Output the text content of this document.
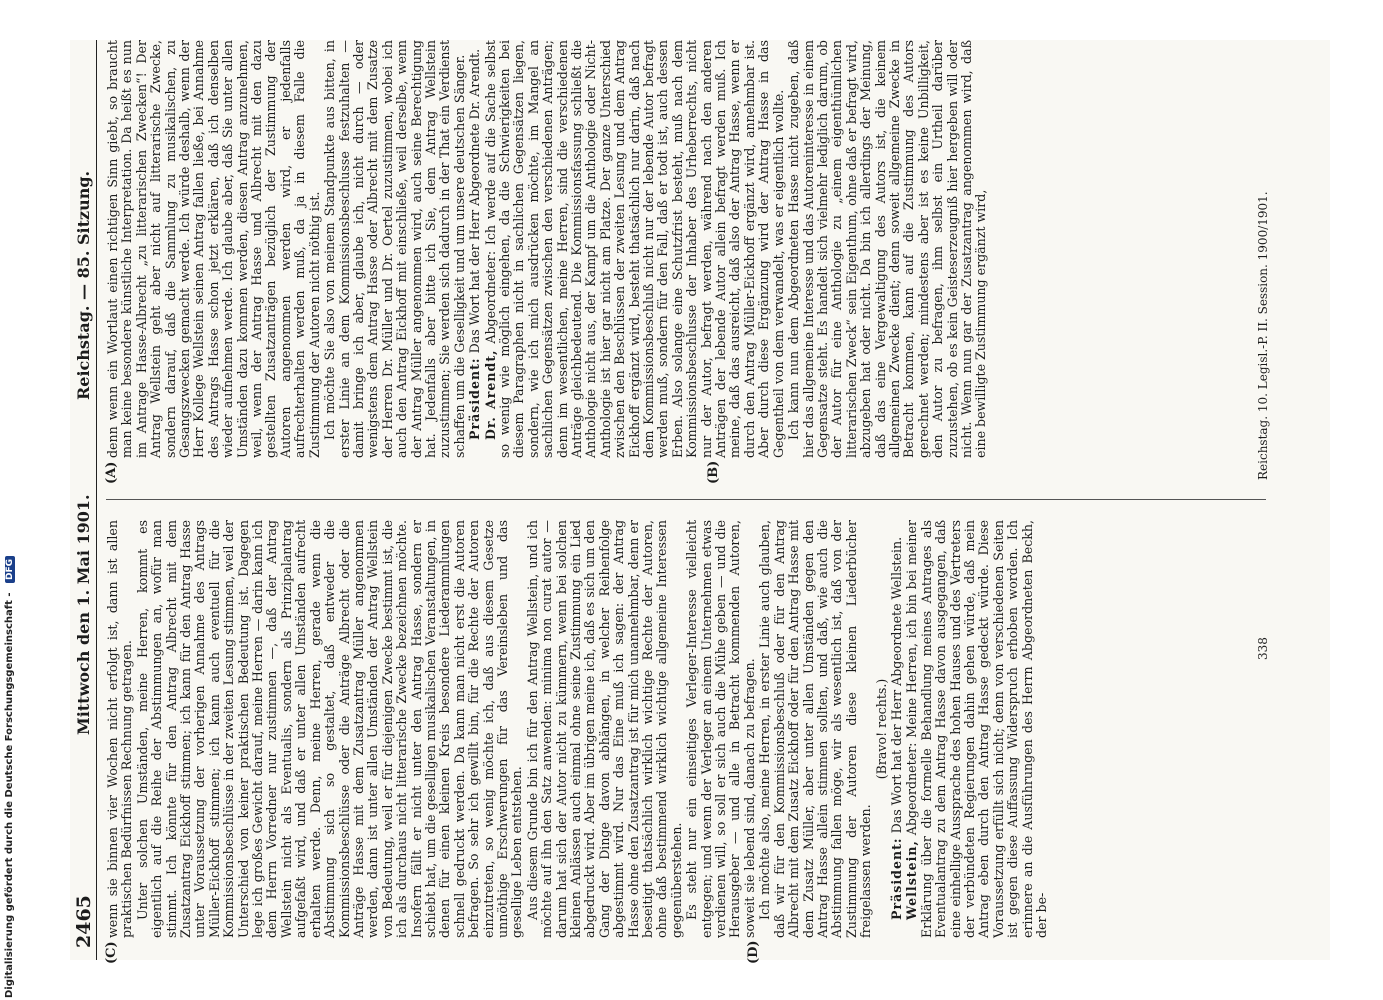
2465
Mittwoch den 1. Mai 1901.
Reichstag. — 85. Sitzung.
(C)	(D)

wenn sie binnen vier Wochen nicht erfolgt ist, dann ist allen praktischen Bedürfnissen Rechnung getragen. Unter solchen Umständen, meine Herren, kommt es eigentlich auf die Reihe der Abstimmungen an, wofür man stimmt. Ich könnte für den Antrag Albrecht mit dem Zusatzantrag Eickhoff stimmen; ich kann für den Antrag Hasse unter Voraussetzung der vorherigen Annahme des Antrags Müller-Eickhoff stimmen; ich kann auch eventuell für die Kommissionsbeschlüsse in der zweiten Lesung stimmen, weil der Unterschied von keiner praktischen Bedeutung ist. Dagegen lege ich großes Gewicht darauf, meine Herren — darin kann ich dem Herrn Vorredner nur zustimmen —, daß der Antrag Wellstein nicht als Eventualis, sondern als Prinzipalantrag aufgefaßt wird, und daß er unter allen Umständen aufrecht erhalten werde. Denn, meine Herren, gerade wenn die Abstimmung sich so gestaltet, daß entweder die Kommissionsbeschlüsse oder die Anträge Albrecht oder die Anträge Hasse mit dem Zusatzantrag Müller angenommen werden, dann ist unter allen Umständen der Antrag Wellstein von Bedeutung, weil er für diejenigen Zwecke bestimmt ist, die ich als durchaus nicht litterarische Zwecke bezeichnen möchte. Insofern fällt er nicht unter den Antrag Hasse, sondern er schiebt hat, um die geselligen musikalischen Veranstaltungen, in denen für einen kleinen Kreis besondere Liederammlungen schnell gedruckt werden. Da kann man nicht erst die Autoren befragen. So sehr ich gewillt bin, für die Rechte der Autoren einzutreten, so wenig möchte ich, daß aus diesem Gesetze unnöthige Erschwerungen für das Vereinsleben und das gesellige Leben entstehen. Aus diesem Grunde bin ich für den Antrag Wellstein, und ich möchte auf ihn den Satz anwenden: minima non curat autor — darum hat sich der Autor nicht zu kümmern, wenn bei solchen kleinen Anlässen auch einmal ohne seine Zustimmung ein Lied abgedruckt wird. Aber im übrigen meine ich, daß es sich um den Gang der Dinge davon abhängen, in welcher Reihenfolge abgestimmt wird. Nur das Eine muß ich sagen: der Antrag Hasse ohne den Zusatzantrag ist für mich unannehmbar, denn er beseitigt thatsächlich wirklich wichtige Rechte der Autoren, ohne daß bestimmend wirklich wichtige allgemeine Interessen gegenüberstehen. Es steht nur ein einseitiges Verleger-Interesse vielleicht entgegen; und wenn der Verleger an einem Unternehmen etwas verdienen will, so soll er sich auch die Mühe geben — und die Herausgeber — und alle in Betracht kommenden Autoren, soweit sie lebend sind, danach zu befragen. Ich möchte also, meine Herren, in erster Linie auch glauben, daß wir für den Kommissionsbeschluß oder für den Antrag Albrecht mit dem Zusatz Eickhoff oder für den Antrag Hasse mit dem Zusatz Müller, aber unter allen Umständen gegen den Antrag Hasse allein stimmen sollten, und daß, wie auch die Abstimmung fallen möge, wir als wesentlich ist, daß von der Zustimmung der Autoren diese kleinen Liederbücher freigelassen werden.

(Bravo! rechts.)

Präsident: Das Wort hat der Herr Abgeordnete Wellstein.

Wellstein, Abgeordneter: Meine Herren, ich bin bei meiner Erklärung über die formelle Behandlung meines Antrages als Eventualantrag zu dem Antrag Hasse davon ausgegangen, daß eine einhellige Aussprache des hohen Hauses und des Vertreters der verbündeten Regierungen dahin gehen würde, daß mein Antrag eben durch den Antrag Hasse gedeckt würde. Diese Voraussetzung erfüllt sich nicht; denn von verschiedenen Seiten ist gegen diese Auffassung Widerspruch erhoben worden. Ich erinnere an die Ausführungen des Herrn Abgeordneten Beckh, der be-

338
(A)	(B)

denn wenn ein Wortlaut einen richtigen Sinn giebt, so braucht man keine besondere künstliche Interpretation. Da heißt es nun im Antrage Hasse-Albrecht „zu litterarischen Zwecken“! Der Antrag Wellstein geht aber nicht auf litterarische Zwecke, sondern darauf, daß die Sammlung zu musikalischen, zu Gesangszwecken gemacht werde. Ich würde deshalb, wenn der Herr Kollege Wellstein seinen Antrag fallen ließe, bei Annahme des Antrags Hasse schon jetzt erklären, daß ich denselben wieder aufnehmen werde. Ich glaube aber, daß Sie unter allen Umständen dazu kommen werden, diesen Antrag anzunehmen, weil, wenn der Antrag Hasse und Albrecht mit den dazu gestellten Zusatzanträgen bezüglich der Zustimmung der Autoren angenommen werden wird, er jedenfalls aufrechterhalten werden muß, da ja in diesem Falle die Zustimmung der Autoren nicht nöthig ist. Ich möchte Sie also von meinem Standpunkte aus bitten, in erster Linie an dem Kommissionsbeschlusse festzuhalten — damit bringe ich aber, glaube ich, nicht durch — oder wenigstens dem Antrag Hasse oder Albrecht mit dem Zusatze der Herren Dr. Müller und Dr. Oertel zuzustimmen, wobei ich auch den Antrag Eickhoff mit einschließe, weil derselbe, wenn der Antrag Müller angenommen wird, auch seine Berechtigung hat. Jedenfalls aber bitte ich Sie, dem Antrag Wellstein zuzustimmen; Sie werden sich dadurch in der That ein Verdienst schaffen um die Geselligkeit und um unsere deutschen Sänger. Präsident: Das Wort hat der Herr Abgeordnete Dr. Arendt.

Dr. Arendt, Abgeordneter: Ich werde auf die Sache selbst so wenig wie möglich eingehen, da die Schwierigkeiten bei diesem Paragraphen nicht in sachlichen Gegensätzen liegen, sondern, wie ich mich ausdrücken möchte, im Mangel an sachlichen Gegensätzen zwischen den verschiedenen Anträgen; denn im wesentlichen, meine Herren, sind die verschiedenen Anträge gleichbedeutend. Die Kommissionsfassung schließt die Anthologie nicht aus, der Kampf um die Anthologie oder Nicht-Anthologie ist hier gar nicht am Platze. Der ganze Unterschied zwischen den Beschlüssen der zweiten Lesung und dem Antrag Eickhoff ergänzt wird, besteht thatsächlich nur darin, daß nach dem Kommissionsbeschluß nicht nur der lebende Autor befragt werden muß, sondern für den Fall, daß er todt ist, auch dessen Erben. Also solange eine Schutzfrist besteht, muß nach dem Kommissionsbeschlusse der Inhaber des Urheberrechts, nicht nur der Autor, befragt werden, während nach den anderen Anträgen der lebende Autor allein befragt werden muß. Ich meine, daß das ausreicht, daß also der Antrag Hasse, wenn er durch den Antrag Müller-Eickhoff ergänzt wird, annehmbar ist. Aber durch diese Ergänzung wird der Antrag Hasse in das Gegentheil von dem verwandelt, was er eigentlich wollte. Ich kann nun dem Abgeordneten Hasse nicht zugeben, daß hier das allgemeine Interesse und das Autoreninteresse in einem Gegensatze steht. Es handelt sich vielmehr lediglich darum, ob der Autor für eine Anthologie zu „einem eigenthümlichen litterarischen Zweck“ sein Eigenthum, ohne daß er befragt wird, abzugeben hat oder nicht. Da bin ich allerdings der Meinung, daß das eine Vergewaltigung des Autors ist, die keinem allgemeinen Zwecke dient; denn soweit allgemeine Zwecke in Betracht kommen, kann auf die Zustimmung des Autors gerechnet werden; mindestens aber ist es keine Unbilligkeit, den Autor zu befragen, ihm selbst ein Urtheil darüber zuzustehen, ob es kein Geisteserzeugniß hier hergeben will oder nicht. Wenn nun gar der Zusatzantrag angenommen wird, daß eine bewilligte Zustimmung ergänzt wird,	Reichstag. 10. Legisl.-P. II. Session. 1900/1901.
Digitalisierung gefördert durch die Deutsche Forschungsgemeinschaft - DFG
